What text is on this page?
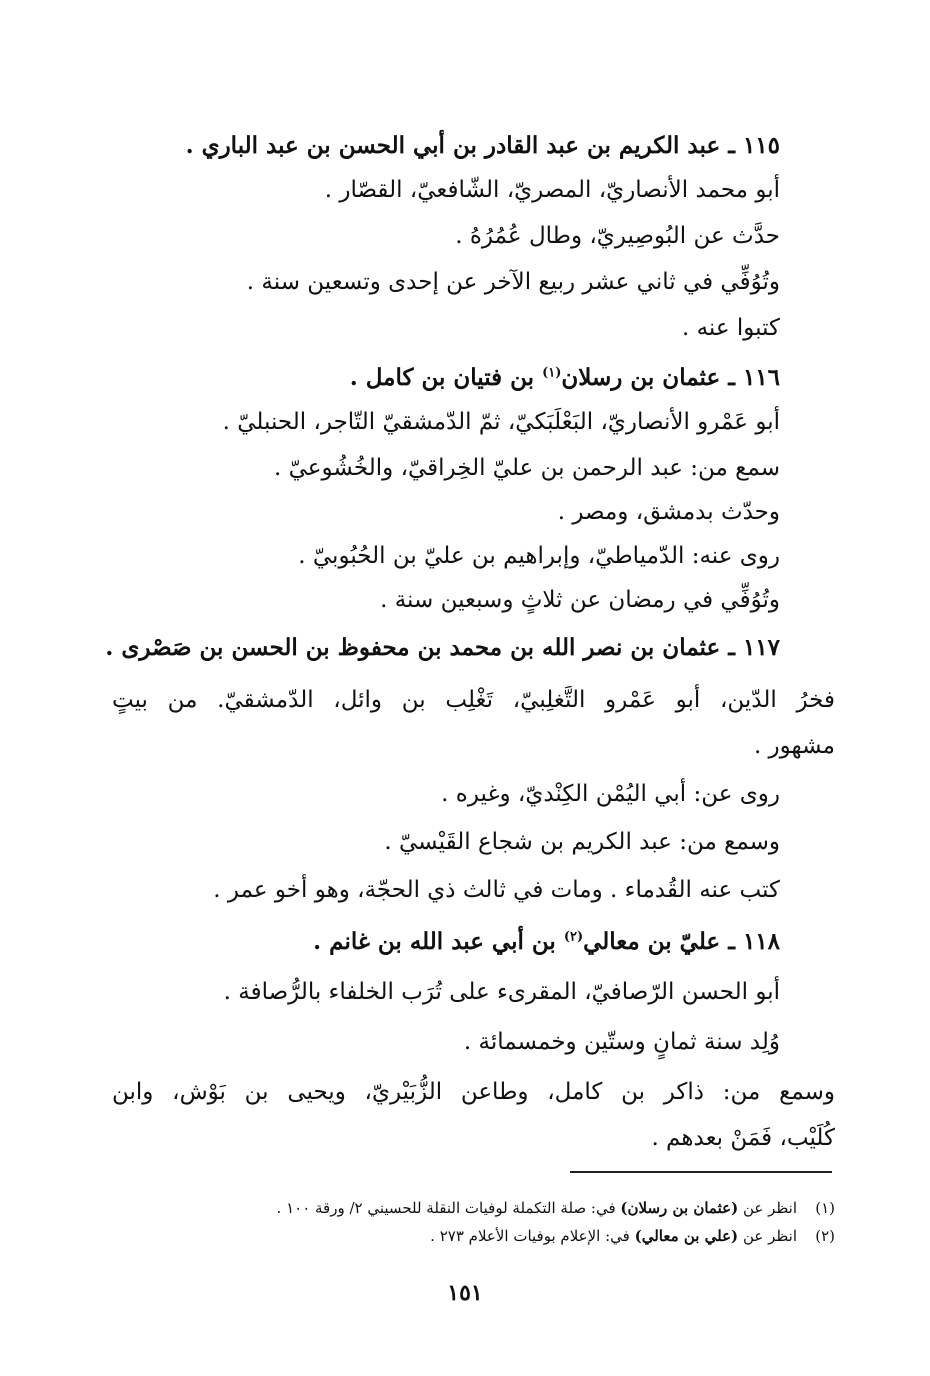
١١٥ ـ عبد الكريم بن عبد القادر بن أبي الحسن بن عبد الباري .
أبو محمد الأنصاريّ، المصريّ، الشّافعيّ، القصّار .
حدَّث عن البُوصِيريّ، وطال عُمُرُهُ .
وتُوُفِّي في ثاني عشر ربيع الآخر عن إحدى وتسعين سنة .
كتبوا عنه .
١١٦ ـ عثمان بن رسلان$^{(١)}$ بن فتيان بن كامل .
أبو عَمْرو الأنصاريّ، البَعْلَبَكيّ، ثمّ الدّمشقيّ التّاجر، الحنبليّ .
سمع من: عبد الرحمن بن عليّ الخِراقيّ، والخُشُوعيّ .
وحدّث بدمشق، ومصر .
روى عنه: الدّمياطيّ، وإبراهيم بن عليّ بن الحُبُوبيّ .
وتُوُفِّي في رمضان عن ثلاثٍ وسبعين سنة .
١١٧ ـ عثمان بن نصر الله بن محمد بن محفوظ بن الحسن بن صَصْرى .
فخرُ الدّين، أبو عَمْرو التَّغلِبيّ، تَغْلِب بن وائل، الدّمشقيّ. من بيتٍ
مشهور .
روى عن: أبي اليُمْن الكِنْديّ، وغيره .
وسمع من: عبد الكريم بن شجاع القَيْسيّ .
كتب عنه القُدماء . ومات في ثالث ذي الحجّة، وهو أخو عمر .
١١٨ ـ عليّ بن معالي$^{(٢)}$ بن أبي عبد الله بن غانم .
أبو الحسن الرّصافيّ، المقرىء على تُرَب الخلفاء بالرُّصافة .
وُلِد سنة ثمانٍ وستّين وخمسمائة .
وسمع من: ذاكر بن كامل، وطاعن الزُّبَيْريّ، ويحيى بن بَوْش، وابن
كُلَيْب، فَمَنْ بعدهم .
(١)انظر عن (عثمان بن رسلان) في: صلة التكملة لوفيات النقلة للحسيني ٢/ ورقة ١٠٠ .
(٢)انظر عن (علي بن معالي) في: الإعلام بوفيات الأعلام ٢٧٣ .
١٥١
